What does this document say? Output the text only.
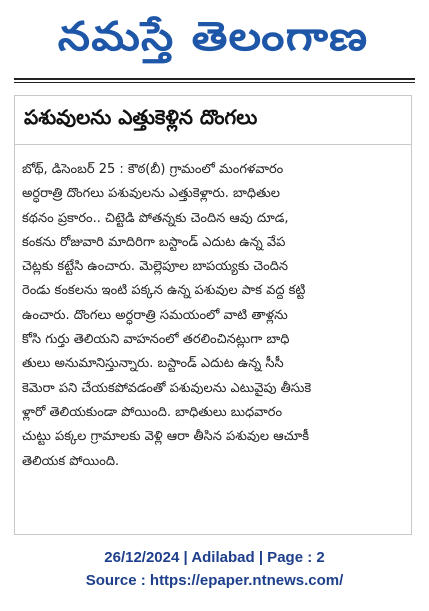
నమస్తే తెలంగాణ
పశువులను ఎత్తుకెళ్లిన దొంగలు
బోథ్, డిసెంబర్ 25 : కౌఠ(బీ) గ్రామంలో మంగళవారం
అర్ధరాత్రి దొంగలు పశువులను ఎత్తుకెళ్లారు. బాధితుల
కథనం ప్రకారం.. చిట్టెడి పోతన్నకు చెందిన ఆవు దూడ,
కంకను రోజువారి మాదిరిగా బస్టాండ్ ఎదుట ఉన్న వేప
చెట్లకు కట్టేసి ఉంచారు. మెల్లెపూల బాపయ్యకు చెందిన
రెండు కంకలను ఇంటి పక్కన ఉన్న పశువుల పాక వద్ద కట్టి
ఉంచారు. దొంగలు అర్ధరాత్రి సమయంలో వాటి తాళ్లను
కోసి గుర్తు తెలియని వాహనంలో తరలించినట్లుగా బాధి
తులు అనుమానిస్తున్నారు. బస్టాండ్ ఎదుట ఉన్న సీసీ
కెమెరా పని చేయకపోవడంతో పశువులను ఎటువైపు తీసుకె
ళ్లారో తెలియకుండా పోయింది. బాధితులు బుధవారం
చుట్టు పక్కల గ్రామాలకు వెళ్లి ఆరా తీసిన పశువుల ఆచూకీ
తెలియక పోయింది.
26/12/2024 | Adilabad | Page : 2
Source : https://epaper.ntnews.com/
